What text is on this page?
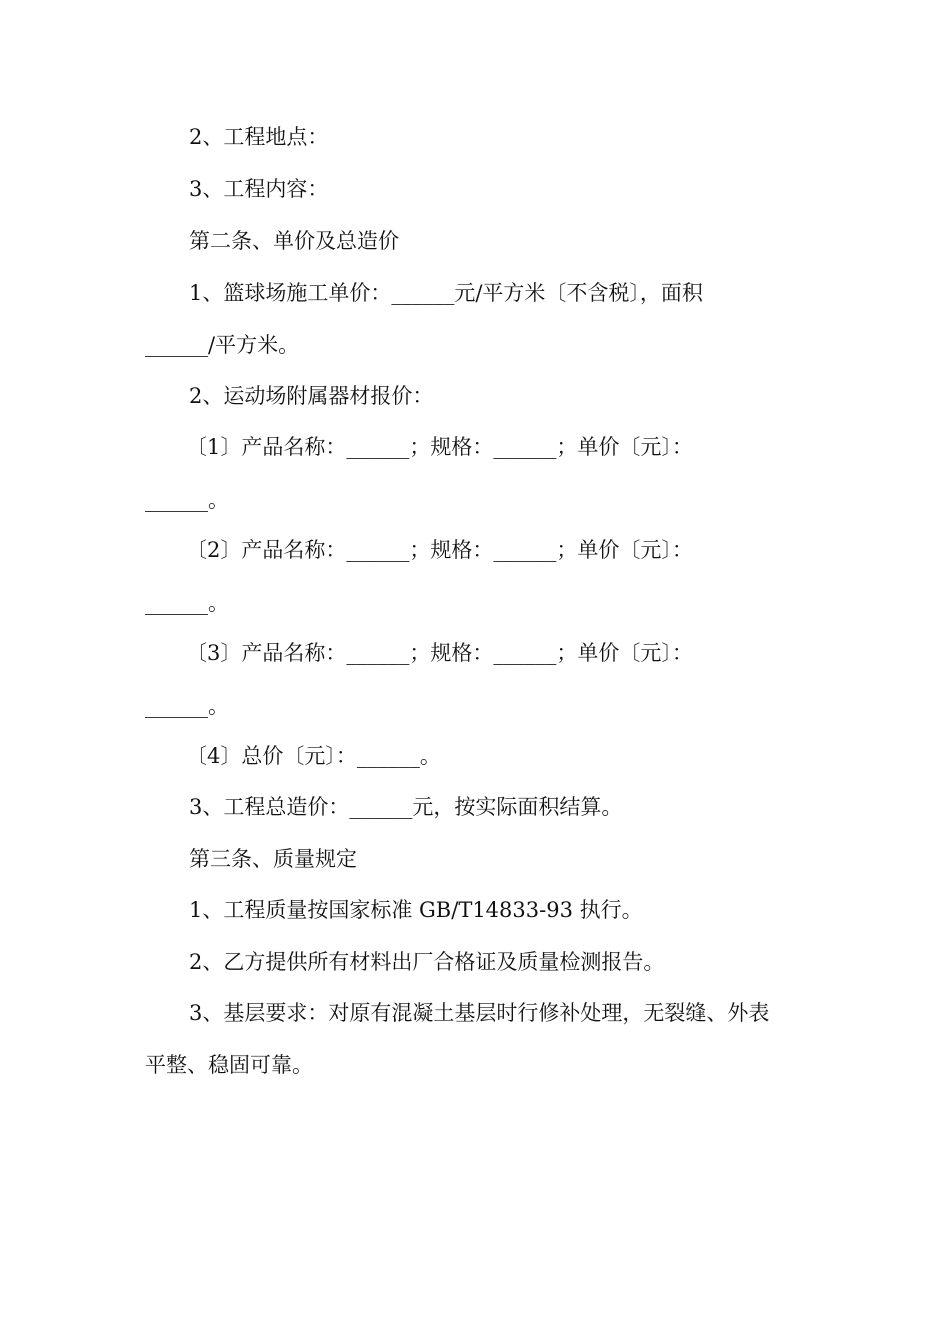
2、工程地点：
3、工程内容：
第二条、单价及总造价
1、篮球场施工单价：______元/平方米〔不含税〕，面积
______/平方米。
2、运动场附属器材报价：
〔1〕产品名称：______；规格：______；单价〔元〕：
______。
〔2〕产品名称：______；规格：______；单价〔元〕：
______。
〔3〕产品名称：______；规格：______；单价〔元〕：
______。
〔4〕总价〔元〕：______。
3、工程总造价：______元，按实际面积结算。
第三条、质量规定
1、工程质量按国家标准 GB/T14833-93 执行。
2、乙方提供所有材料出厂合格证及质量检测报告。
3、基层要求：对原有混凝土基层时行修补处理，无裂缝、外表
平整、稳固可靠。
